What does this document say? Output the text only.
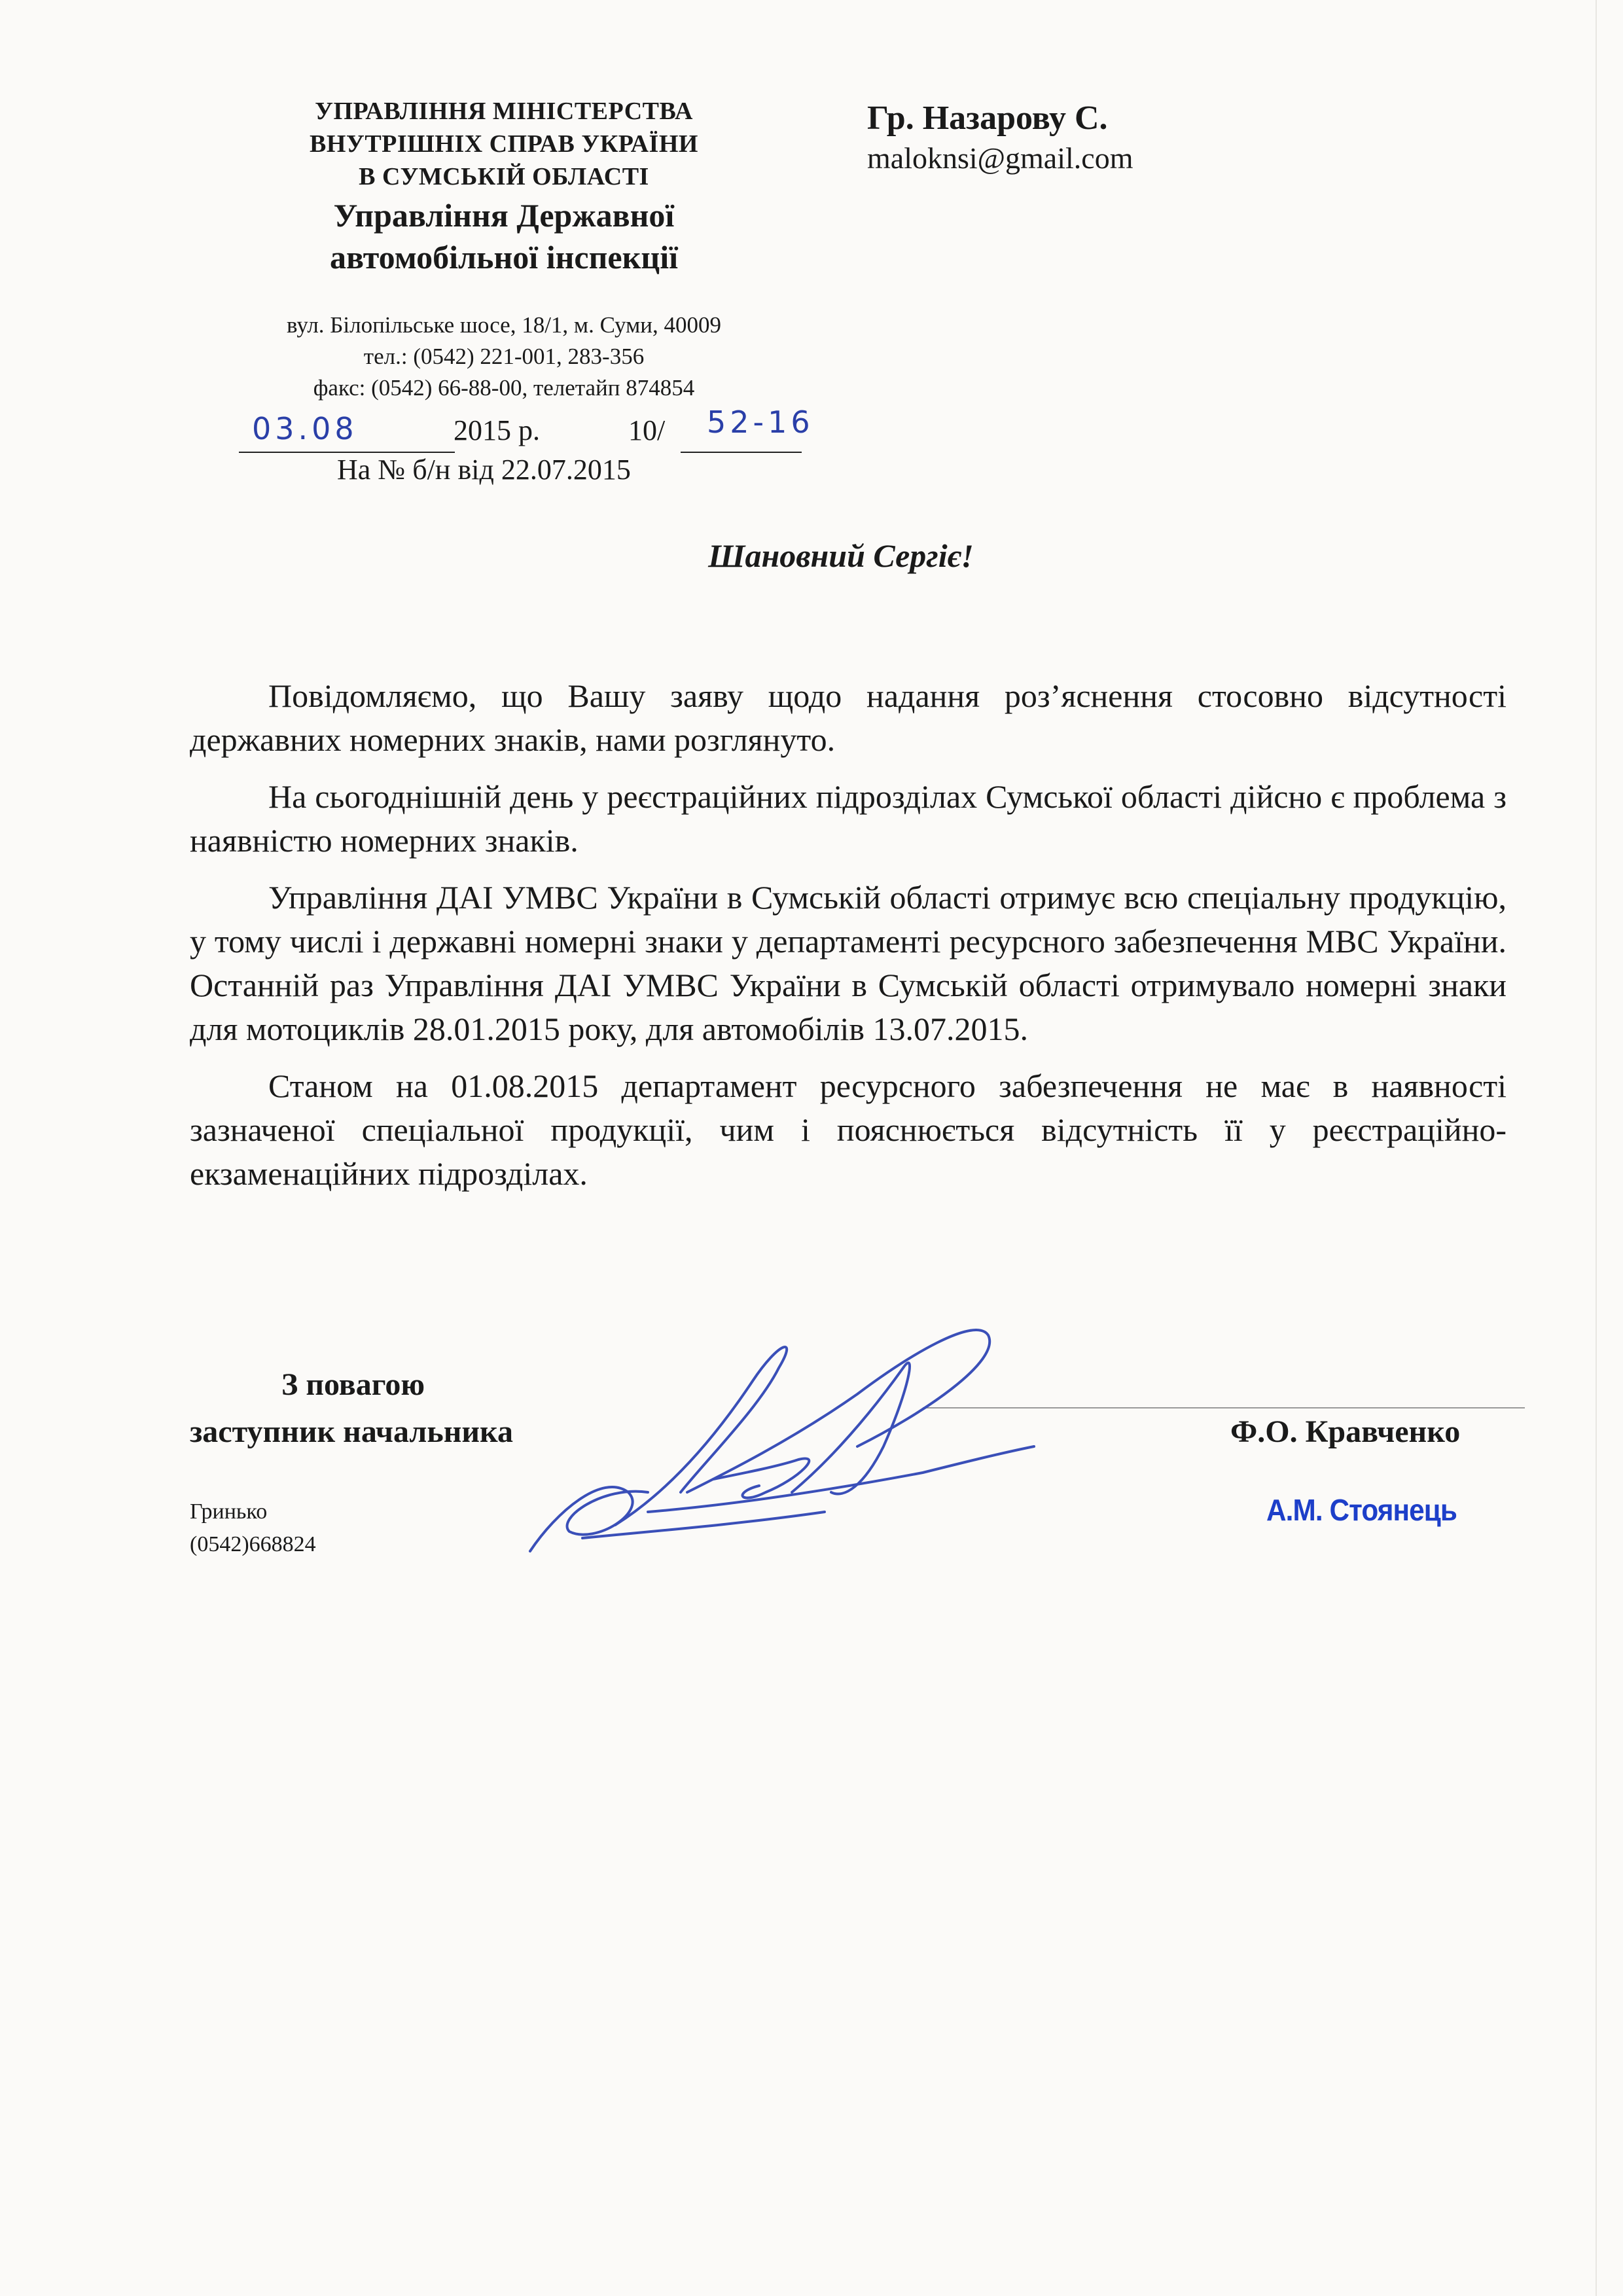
УПРАВЛІННЯ МІНІСТЕРСТВА
ВНУТРІШНІХ СПРАВ УКРАЇНИ
В СУМСЬКІЙ ОБЛАСТІ
Управління Державної
автомобільної інспекції
вул. Білопільське шосе, 18/1, м. Суми, 40009
тел.: (0542) 221-001, 283-356
факс: (0542) 66-88-00, телетайп 874854
03.08	2015 р.	10/ 52-16
На № б/н від 22.07.2015
Гр. Назарову С.
maloknsi@gmail.com
Шановний Сергіє!

Повідомляємо, що Вашу заяву щодо надання роз’яснення стосовно відсутності державних номерних знаків, нами розглянуто.

На сьогоднішній день у реєстраційних підрозділах Сумської області дійсно є проблема з наявністю номерних знаків.

Управління ДАІ УМВС України в Сумській області отримує всю спеціальну продукцію, у тому числі і державні номерні знаки у департаменті ресурсного забезпечення МВС України. Останній раз Управління ДАІ УМВС України в Сумській області отримувало номерні знаки для мотоциклів 28.01.2015 року, для автомобілів 13.07.2015.

Станом на 01.08.2015 департамент ресурсного забезпечення не має в наявності зазначеної спеціальної продукції, чим і пояснюється відсутність її у реєстраційно-екзаменаційних підрозділах.

З повагою
заступник начальника	Ф.О. Кравченко
А.М. Стоянець
Гринько
(0542)668824
